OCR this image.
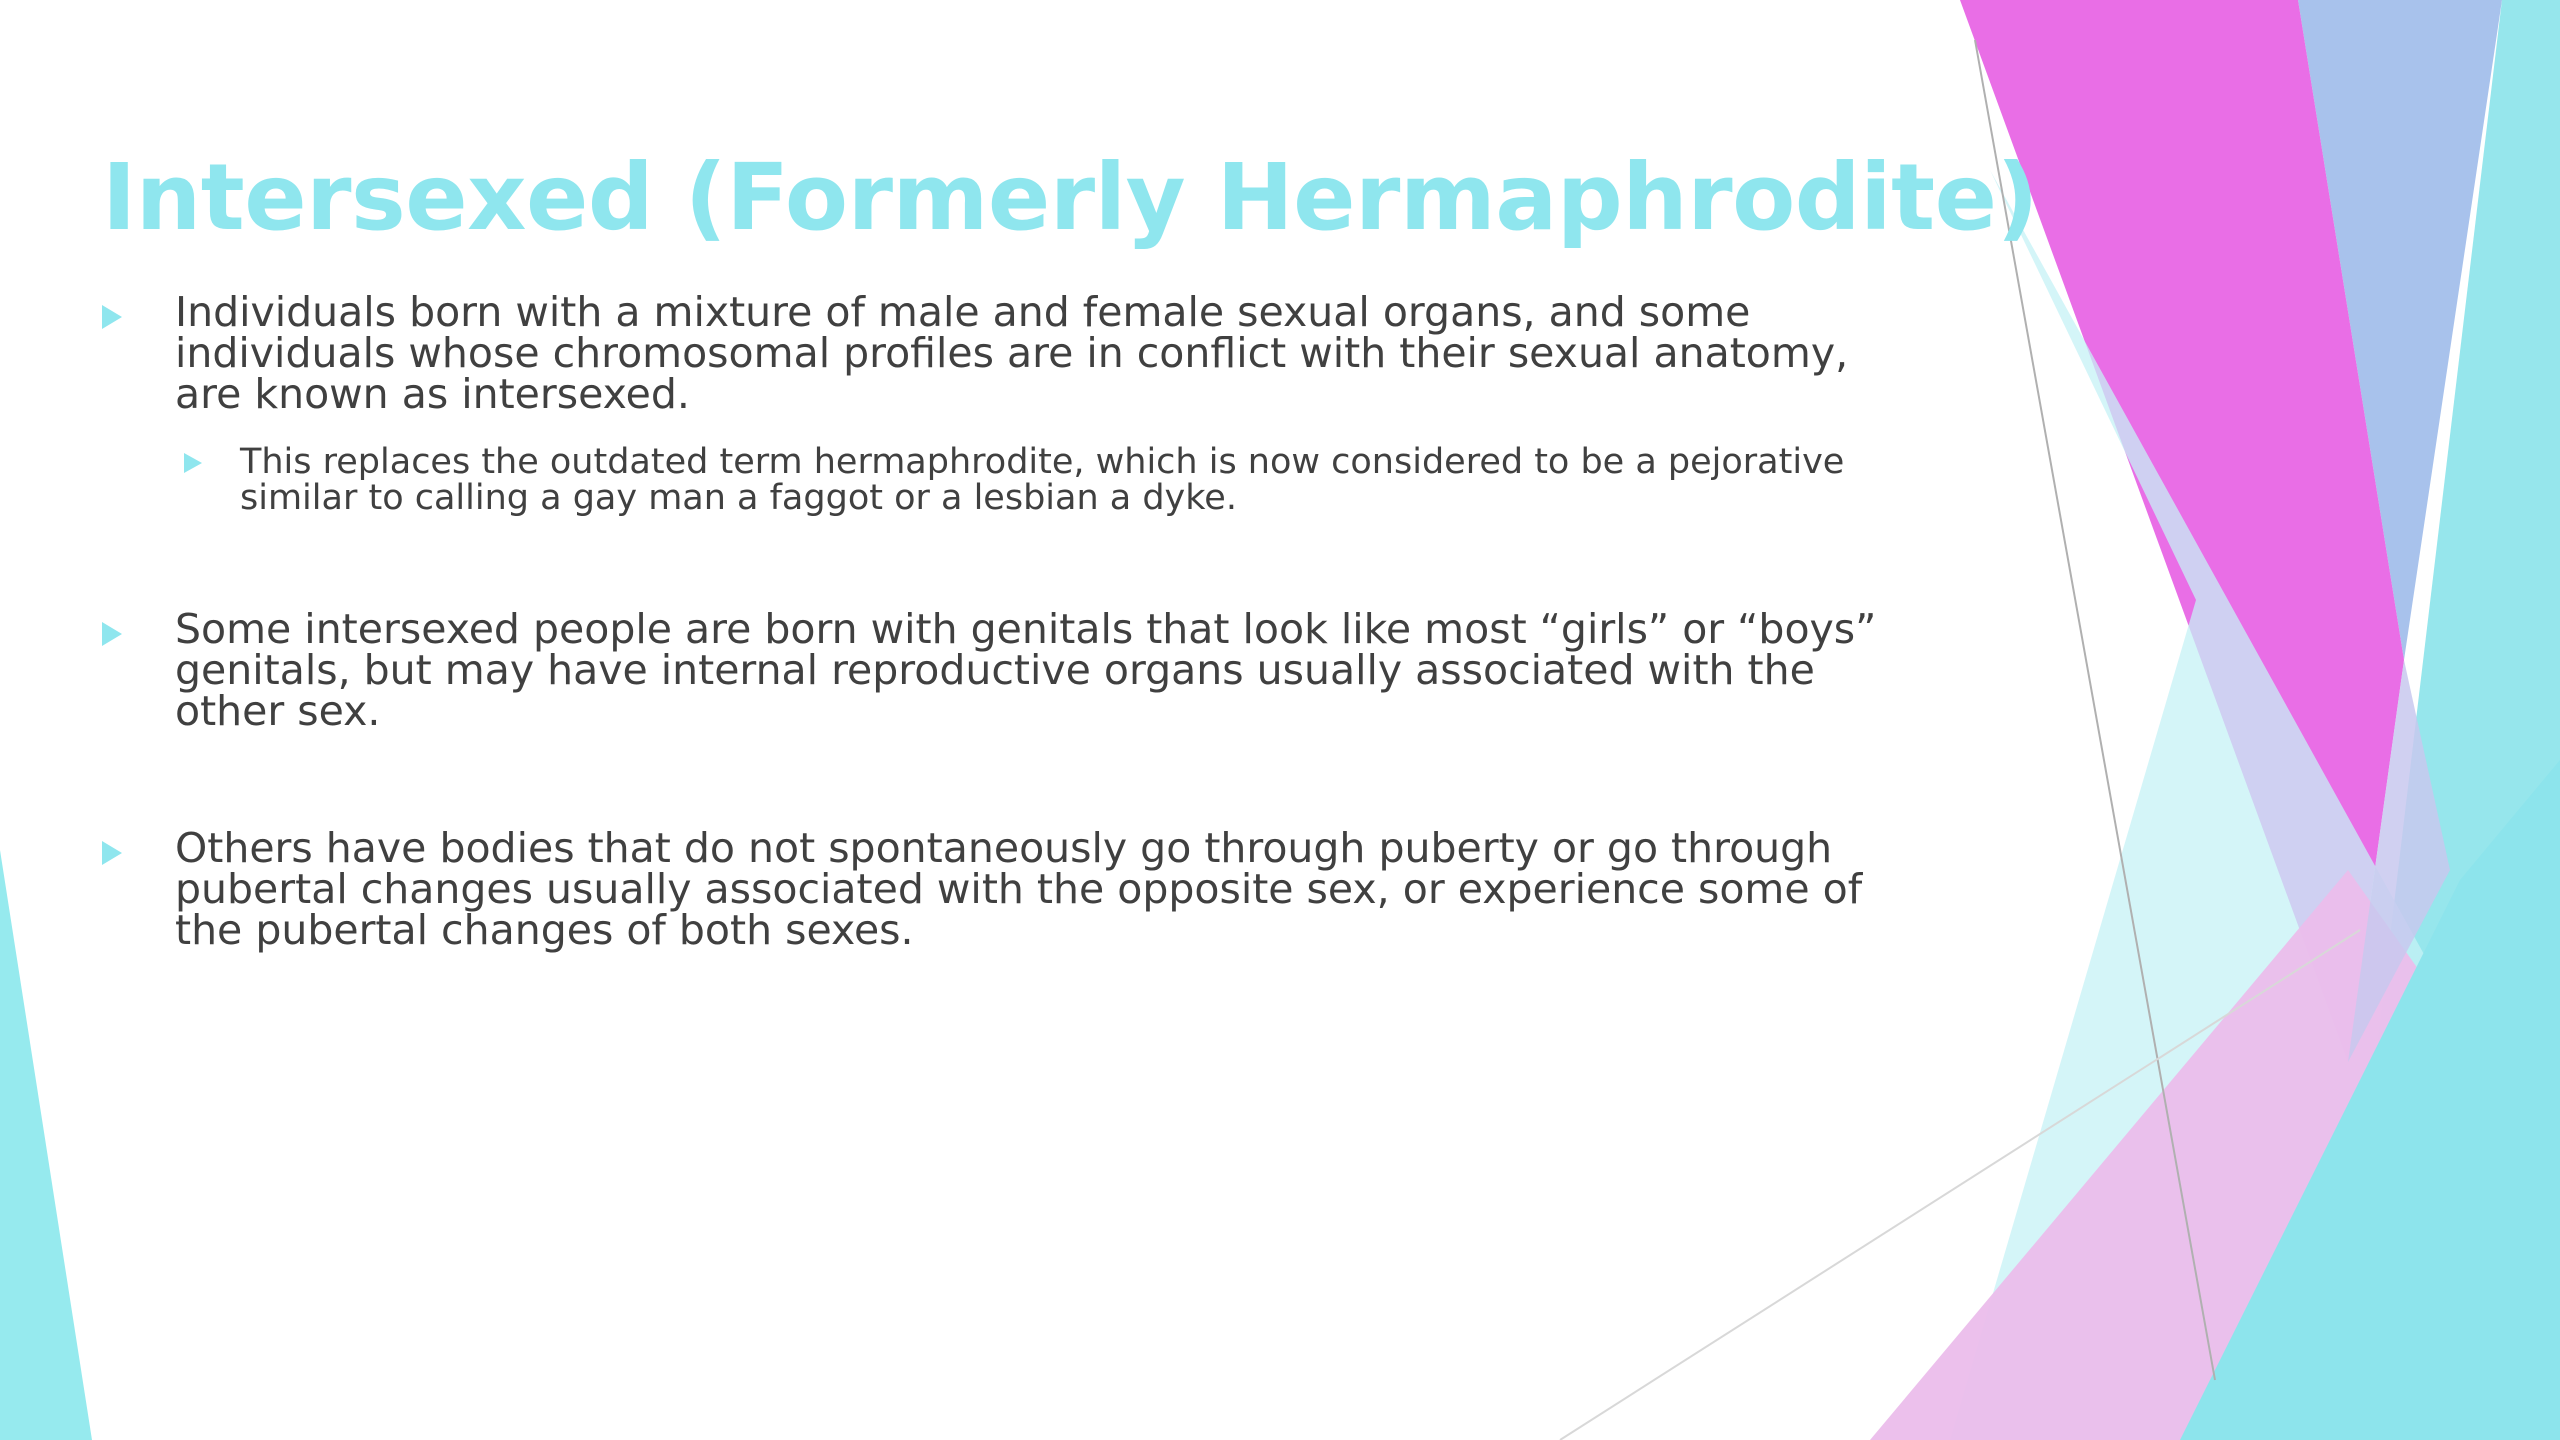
Intersexed (Formerly Hermaphrodite)
Individuals born with a mixture of male and female sexual organs, and some individuals whose chromosomal profiles are in conflict with their sexual anatomy, are known as intersexed.
This replaces the outdated term hermaphrodite, which is now considered to be a pejorative similar to calling a gay man a faggot or a lesbian a dyke.
Some intersexed people are born with genitals that look like most “girls” or “boys” genitals, but may have internal reproductive organs usually associated with the other sex.
Others have bodies that do not spontaneously go through puberty or go through pubertal changes usually associated with the opposite sex, or experience some of the pubertal changes of both sexes.
